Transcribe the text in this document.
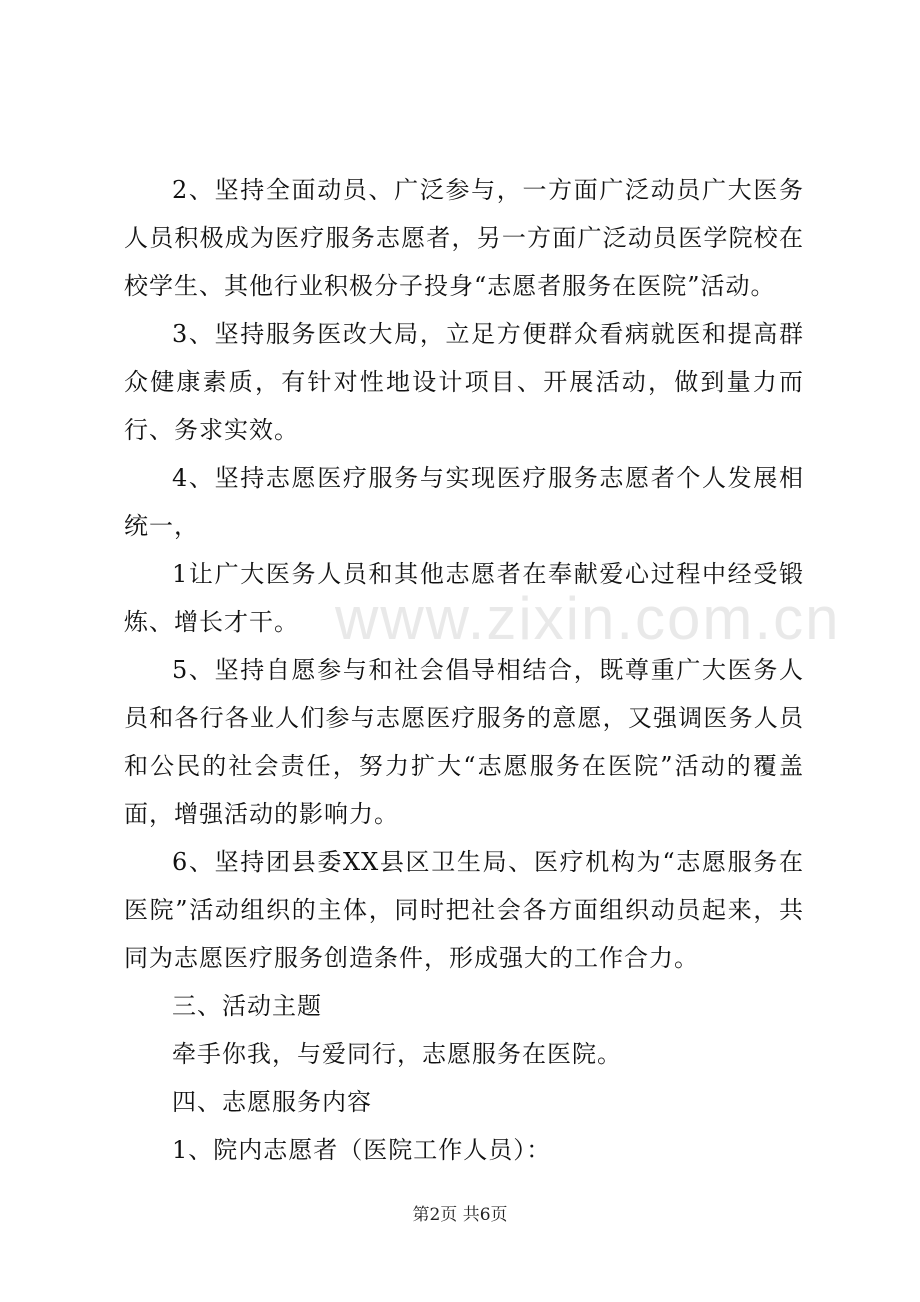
www.zixin.com.cn

2、坚持全面动员、广泛参与，一方面广泛动员广大医务人员积极成为医疗服务志愿者，另一方面广泛动员医学院校在校学生、其他行业积极分子投身“志愿者服务在医院”活动。

3、坚持服务医改大局，立足方便群众看病就医和提高群众健康素质，有针对性地设计项目、开展活动，做到量力而行、务求实效。

4、坚持志愿医疗服务与实现医疗服务志愿者个人发展相统一，

1让广大医务人员和其他志愿者在奉献爱心过程中经受锻炼、增长才干。

5、坚持自愿参与和社会倡导相结合，既尊重广大医务人员和各行各业人们参与志愿医疗服务的意愿，又强调医务人员和公民的社会责任，努力扩大“志愿服务在医院”活动的覆盖面，增强活动的影响力。

6、坚持团县委XX县区卫生局、医疗机构为“志愿服务在医院”活动组织的主体，同时把社会各方面组织动员起来，共同为志愿医疗服务创造条件，形成强大的工作合力。

三、活动主题

牵手你我，与爱同行，志愿服务在医院。

四、志愿服务内容

1、院内志愿者（医院工作人员）：

第2页 共6页
